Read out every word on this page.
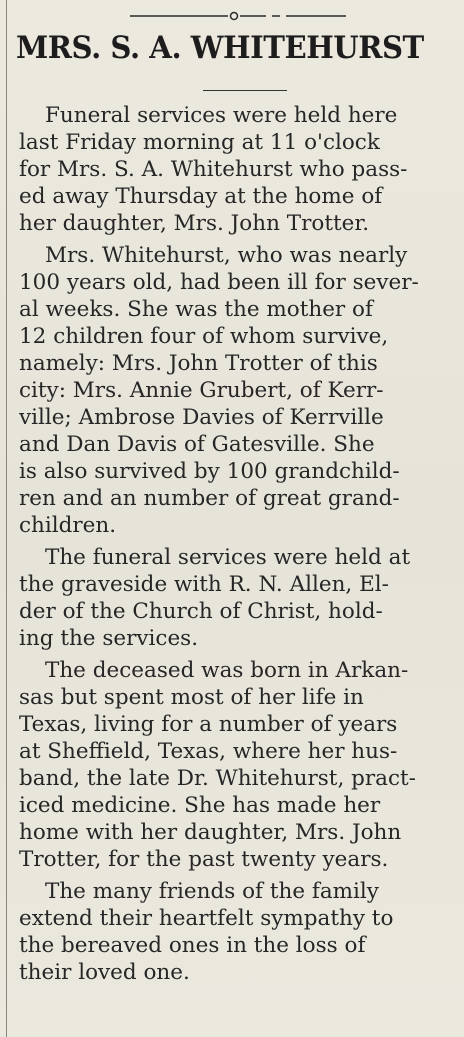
MRS. S. A. WHITEHURST

Funeral services were held here
last Friday morning at 11 o'clock
for Mrs. S. A. Whitehurst who pass-
ed away Thursday at the home of
her daughter, Mrs. John Trotter.

Mrs. Whitehurst, who was nearly
100 years old, had been ill for sever-
al weeks. She was the mother of
12 children four of whom survive,
namely: Mrs. John Trotter of this
city: Mrs. Annie Grubert, of Kerr-
ville; Ambrose Davies of Kerrville
and Dan Davis of Gatesville. She
is also survived by 100 grandchild-
ren and an number of great grand-
children.

The funeral services were held at
the graveside with R. N. Allen, El-
der of the Church of Christ, hold-
ing the services.

The deceased was born in Arkan-
sas but spent most of her life in
Texas, living for a number of years
at Sheffield, Texas, where her hus-
band, the late Dr. Whitehurst, pract-
iced medicine. She has made her
home with her daughter, Mrs. John
Trotter, for the past twenty years.

The many friends of the family
extend their heartfelt sympathy to
the bereaved ones in the loss of
their loved one.
